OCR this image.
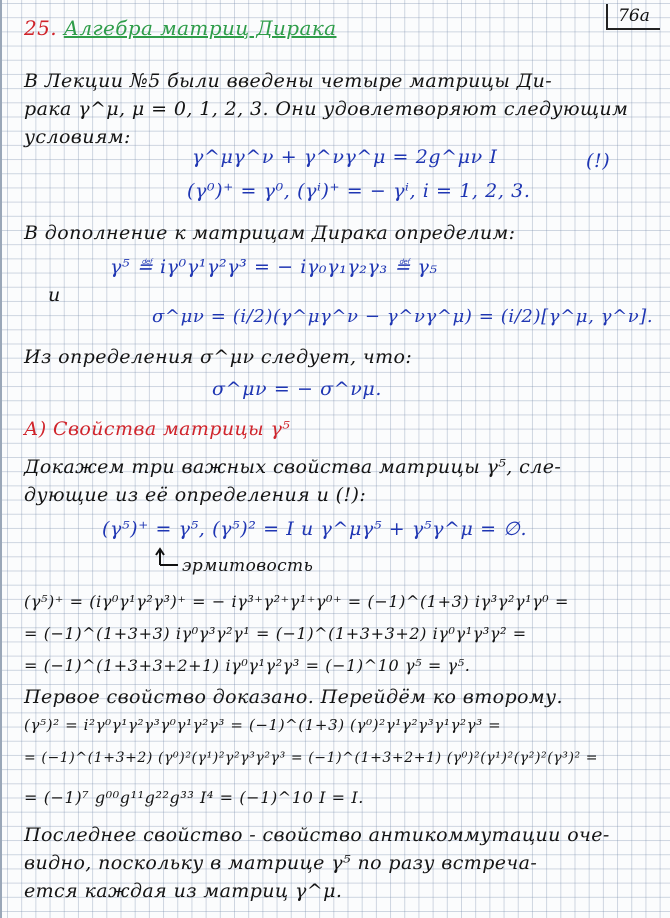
76а
25. Алгебра матриц Дирака
В Лекции №5 были введены четыре матрицы Ди-
рака γ^μ, μ = 0, 1, 2, 3. Они удовлетворяют следующим
условиям:
γ^μγ^ν + γ^νγ^μ = 2g^μν I	(!)
(γ⁰)⁺ = γ⁰, (γⁱ)⁺ = − γⁱ, i = 1, 2, 3.
В дополнение к матрицам Дирака определим:
γ⁵ ≝ iγ⁰γ¹γ²γ³ = − iγ₀γ₁γ₂γ₃ ≝ γ₅
и
σ^μν = (i/2)(γ^μγ^ν − γ^νγ^μ) = (i/2)[γ^μ, γ^ν].
Из определения σ^μν следует, что:
σ^μν = − σ^νμ.
А) Свойства матрицы γ⁵
Докажем три важных свойства матрицы γ⁵, сле-
дующие из её определения и (!):
(γ⁵)⁺ = γ⁵, (γ⁵)² = I и γ^μγ⁵ + γ⁵γ^μ = ∅.
эрмитовость
(γ⁵)⁺ = (iγ⁰γ¹γ²γ³)⁺ = − iγ³⁺γ²⁺γ¹⁺γ⁰⁺ = (−1)^(1+3) iγ³γ²γ¹γ⁰ =
= (−1)^(1+3+3) iγ⁰γ³γ²γ¹ = (−1)^(1+3+3+2) iγ⁰γ¹γ³γ² =
= (−1)^(1+3+3+2+1) iγ⁰γ¹γ²γ³ = (−1)^10 γ⁵ = γ⁵.
Первое свойство доказано. Перейдём ко второму.
(γ⁵)² = i²γ⁰γ¹γ²γ³γ⁰γ¹γ²γ³ = (−1)^(1+3) (γ⁰)²γ¹γ²γ³γ¹γ²γ³ =
= (−1)^(1+3+2) (γ⁰)²(γ¹)²γ²γ³γ²γ³ = (−1)^(1+3+2+1) (γ⁰)²(γ¹)²(γ²)²(γ³)² =
= (−1)⁷ g⁰⁰g¹¹g²²g³³ I⁴ = (−1)^10 I = I.
Последнее свойство - свойство антикоммутации оче-
видно, поскольку в матрице γ⁵ по разу встреча-
ется каждая из матриц γ^μ.
